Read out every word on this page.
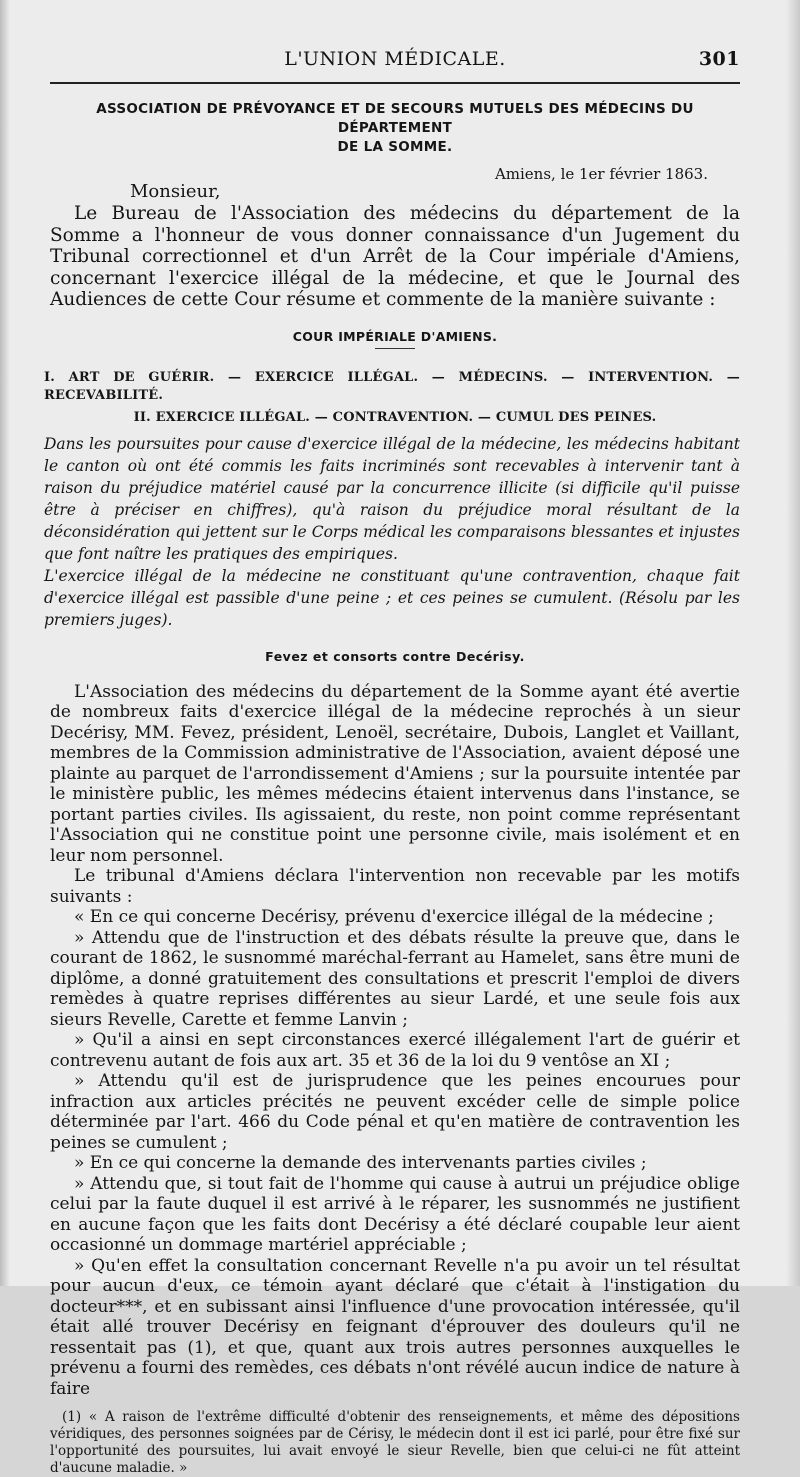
L'UNION MÉDICALE.	301
ASSOCIATION DE PRÉVOYANCE ET DE SECOURS MUTUELS DES MÉDECINS DU DÉPARTEMENT
DE LA SOMME.
Amiens, le 1er février 1863.
Monsieur,

Le Bureau de l'Association des médecins du département de la Somme a l'honneur de vous donner connaissance d'un Jugement du Tribunal correctionnel et d'un Arrêt de la Cour impériale d'Amiens, concernant l'exercice illégal de la médecine, et que le Journal des Audiences de cette Cour résume et commente de la manière suivante :

COUR IMPÉRIALE D'AMIENS.
I. ART DE GUÉRIR. — EXERCICE ILLÉGAL. — MÉDECINS. — INTERVENTION. — RECEVABILITÉ.
II. EXERCICE ILLÉGAL. — CONTRAVENTION. — CUMUL DES PEINES.

Dans les poursuites pour cause d'exercice illégal de la médecine, les médecins habitant le canton où ont été commis les faits incriminés sont recevables à intervenir tant à raison du préjudice matériel causé par la concurrence illicite (si difficile qu'il puisse être à préciser en chiffres), qu'à raison du préjudice moral résultant de la déconsidération qui jettent sur le Corps médical les comparaisons blessantes et injustes que font naître les pratiques des empiriques.

L'exercice illégal de la médecine ne constituant qu'une contravention, chaque fait d'exercice illégal est passible d'une peine ; et ces peines se cumulent. (Résolu par les premiers juges).

Fevez et consorts contre Decérisy.

L'Association des médecins du département de la Somme ayant été avertie de nombreux faits d'exercice illégal de la médecine reprochés à un sieur Decérisy, MM. Fevez, président, Lenoël, secrétaire, Dubois, Langlet et Vaillant, membres de la Commission administrative de l'Association, avaient déposé une plainte au parquet de l'arrondissement d'Amiens ; sur la poursuite intentée par le ministère public, les mêmes médecins étaient intervenus dans l'instance, se portant parties civiles. Ils agissaient, du reste, non point comme représentant l'Association qui ne constitue point une personne civile, mais isolément et en leur nom personnel.

Le tribunal d'Amiens déclara l'intervention non recevable par les motifs suivants :

« En ce qui concerne Decérisy, prévenu d'exercice illégal de la médecine ;

» Attendu que de l'instruction et des débats résulte la preuve que, dans le courant de 1862, le susnommé maréchal-ferrant au Hamelet, sans être muni de diplôme, a donné gratuitement des consultations et prescrit l'emploi de divers remèdes à quatre reprises différentes au sieur Lardé, et une seule fois aux sieurs Revelle, Carette et femme Lanvin ;

» Qu'il a ainsi en sept circonstances exercé illégalement l'art de guérir et contrevenu autant de fois aux art. 35 et 36 de la loi du 9 ventôse an XI ;

» Attendu qu'il est de jurisprudence que les peines encourues pour infraction aux articles précités ne peuvent excéder celle de simple police déterminée par l'art. 466 du Code pénal et qu'en matière de contravention les peines se cumulent ;

» En ce qui concerne la demande des intervenants parties civiles ;

» Attendu que, si tout fait de l'homme qui cause à autrui un préjudice oblige celui par la faute duquel il est arrivé à le réparer, les susnommés ne justifient en aucune façon que les faits dont Decérisy a été déclaré coupable leur aient occasionné un dommage martériel appréciable ;

» Qu'en effet la consultation concernant Revelle n'a pu avoir un tel résultat pour aucun d'eux, ce témoin ayant déclaré que c'était à l'instigation du docteur***, et en subissant ainsi l'influence d'une provocation intéressée, qu'il était allé trouver Decérisy en feignant d'éprouver des douleurs qu'il ne ressentait pas (1), et que, quant aux trois autres personnes auxquelles le prévenu a fourni des remèdes, ces débats n'ont révélé aucun indice de nature à faire

(1) « A raison de l'extrême difficulté d'obtenir des renseignements, et même des dépositions véridiques, des personnes soignées par de Cérisy, le médecin dont il est ici parlé, pour être fixé sur l'opportunité des poursuites, lui avait envoyé le sieur Revelle, bien que celui-ci ne fût atteint d'aucune maladie. »
